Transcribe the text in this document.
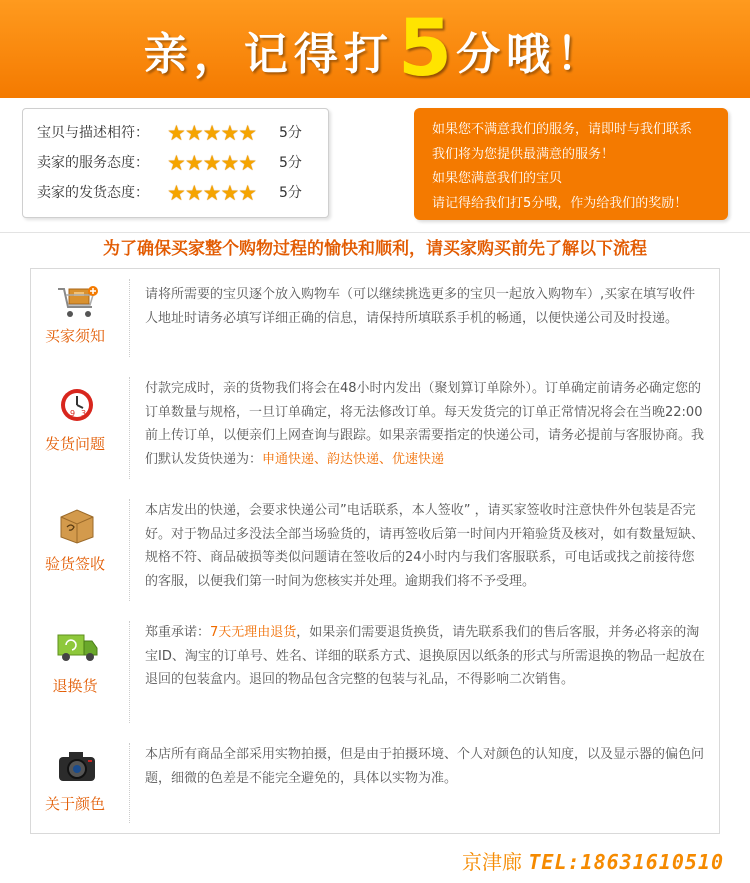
亲，记得打5分哦！
宝贝与描述相符： ★★★★★ 5分
卖家的服务态度： ★★★★★ 5分
卖家的发货态度： ★★★★★ 5分
如果您不满意我们的服务，请即时与我们联系
我们将为您提供最满意的服务！
如果您满意我们的宝贝
请记得给我们打5分哦，作为给我们的奖励！
为了确保买家整个购物过程的愉快和顺利，请买家购买前先了解以下流程
买家须知
请将所需要的宝贝逐个放入购物车（可以继续挑选更多的宝贝一起放入购物车）,买家在填写收件人地址时请务必填写详细正确的信息，请保持所填联系手机的畅通，以便快递公司及时投递。
9 3
发货问题
付款完成时，亲的货物我们将会在48小时内发出（聚划算订单除外）。订单确定前请务必确定您的订单数量与规格，一旦订单确定，将无法修改订单。每天发货完的订单正常情况将会在当晚22:00前上传订单，以便亲们上网查询与跟踪。如果亲需要指定的快递公司，请务必提前与客服协商。我们默认发货快递为：申通快递、韵达快递、优速快递
验货签收
本店发出的快递，会要求快递公司”电话联系，本人签收” ，请买家签收时注意快件外包装是否完好。对于物品过多没法全部当场验货的，请再签收后第一时间内开箱验货及核对，如有数量短缺、规格不符、商品破损等类似问题请在签收后的24小时内与我们客服联系，可电话或找之前接待您的客服，以便我们第一时间为您核实并处理。逾期我们将不予受理。
退换货
郑重承诺：7天无理由退货，如果亲们需要退货换货，请先联系我们的售后客服，并务必将亲的淘宝ID、淘宝的订单号、姓名、详细的联系方式、退换原因以纸条的形式与所需退换的物品一起放在退回的包装盒内。退回的物品包含完整的包装与礼品，不得影响二次销售。
关于颜色
本店所有商品全部采用实物拍摄，但是由于拍摄环境、个人对颜色的认知度，以及显示器的偏色问题，细微的色差是不能完全避免的，具体以实物为准。
京津廊 TEL:18631610510
